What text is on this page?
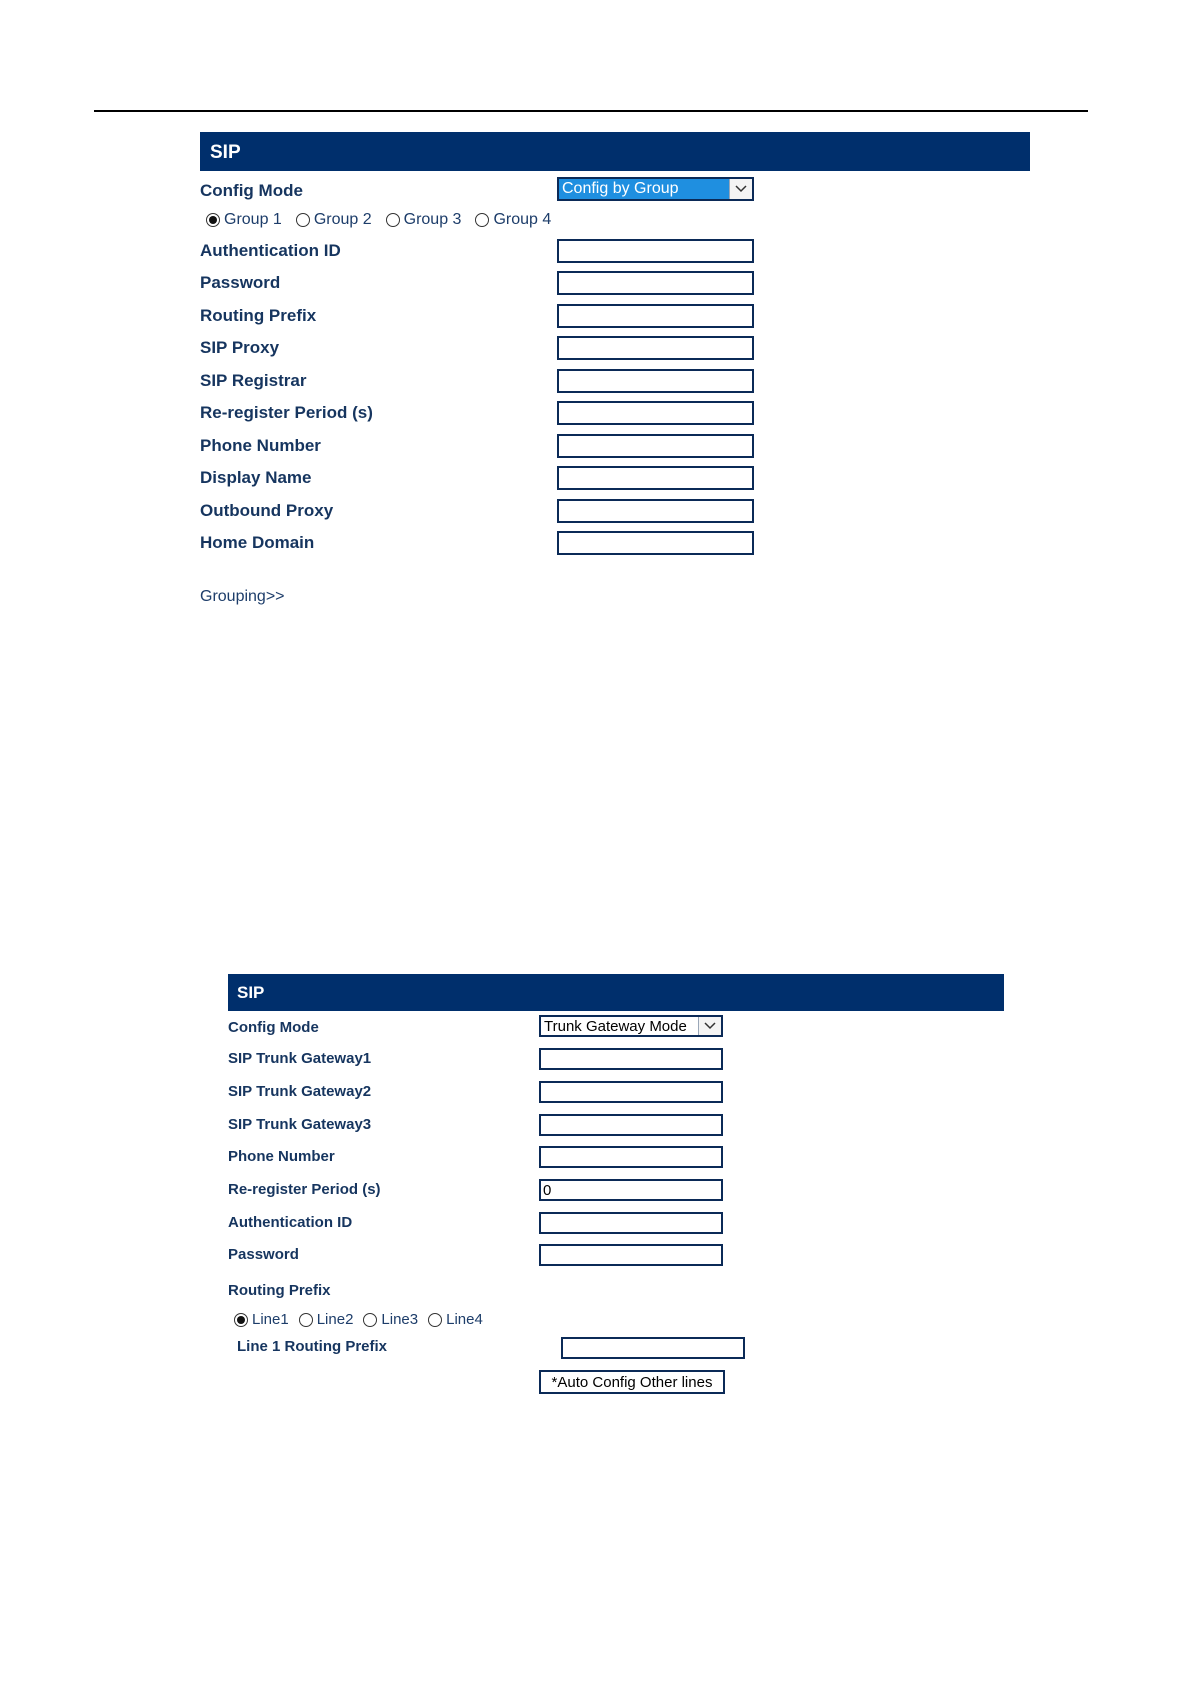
SIP
Config Mode	Config by Group
Group 1 Group 2 Group 3 Group 4
Grouping>>
Authentication ID
Password
Routing Prefix
SIP Proxy
SIP Registrar
Re-register Period (s)
Phone Number
Display Name
Outbound Proxy
Home Domain
SIP
Config Mode	Trunk Gateway Mode
Routing Prefix
Line1 Line2 Line3 Line4
Line 1 Routing Prefix
*Auto Config Other lines
SIP Trunk Gateway1
SIP Trunk Gateway2
SIP Trunk Gateway3
Phone Number
Re-register Period (s)
0
Authentication ID
Password
